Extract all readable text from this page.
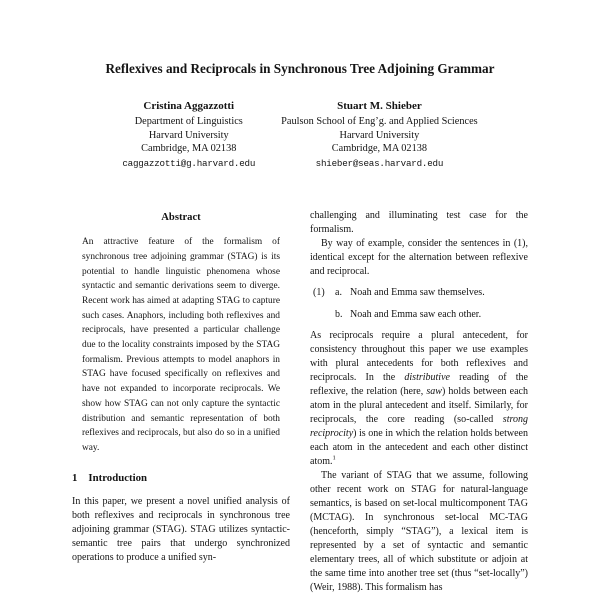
Reflexives and Reciprocals in Synchronous Tree Adjoining Grammar
Cristina Aggazzotti
Department of Linguistics
Harvard University
Cambridge, MA 02138
caggazzotti@g.harvard.edu
Stuart M. Shieber
Paulson School of Eng’g. and Applied Sciences
Harvard University
Cambridge, MA 02138
shieber@seas.harvard.edu
Abstract

An attractive feature of the formalism of synchronous tree adjoining grammar (STAG) is its potential to handle linguistic phenomena whose syntactic and semantic derivations seem to diverge. Recent work has aimed at adapting STAG to capture such cases. Anaphors, including both reflexives and reciprocals, have presented a particular challenge due to the locality constraints imposed by the STAG formalism. Previous attempts to model anaphors in STAG have focused specifically on reflexives and have not expanded to incorporate reciprocals. We show how STAG can not only capture the syntactic distribution and semantic representation of both reflexives and reciprocals, but also do so in a unified way.

1 Introduction

In this paper, we present a novel unified analysis of both reflexives and reciprocals in synchronous tree adjoining grammar (STAG). STAG utilizes syntactic-semantic tree pairs that undergo synchronized operations to produce a unified syn-

challenging and illuminating test case for the formalism.

By way of example, consider the sentences in (1), identical except for the alternation between reflexive and reciprocal.

(1)	a. Noah and Emma saw themselves.
b. Noah and Emma saw each other.

As reciprocals require a plural antecedent, for consistency throughout this paper we use examples with plural antecedents for both reflexives and reciprocals. In the distributive reading of the reflexive, the relation (here, saw) holds between each atom in the plural antecedent and itself. Similarly, for reciprocals, the core reading (so-called strong reciprocity) is one in which the relation holds between each atom in the antecedent and each other distinct atom.$^1$

The variant of STAG that we assume, following other recent work on STAG for natural-language semantics, is based on set-local multicomponent TAG (MCTAG). In synchronous set-local MC-TAG (henceforth, simply “STAG”), a lexical item is represented by a set of syntactic and semantic elementary trees, all of which substitute or adjoin at the same time into another tree set (thus “set-locally”) (Weir, 1988). This formalism has
